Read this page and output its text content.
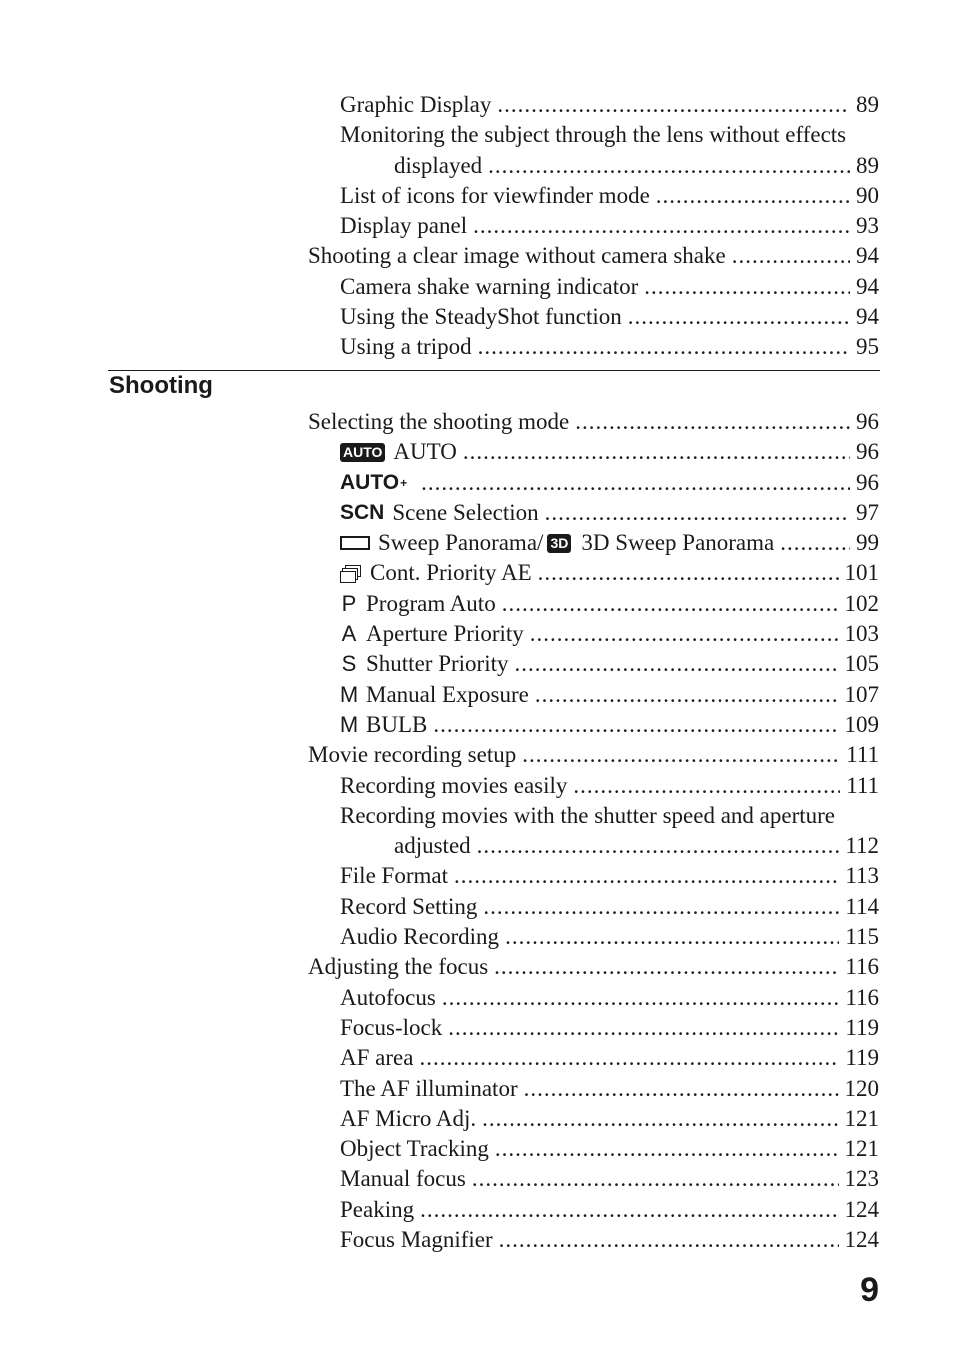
Graphic Display .....	89
Monitoring the subject through the lens without effects
displayed .....	89
List of icons for viewfinder mode .....	90
Display panel .....	93
Shooting a clear image without camera shake .....	94
Camera shake warning indicator .....	94
Using the SteadyShot function .....	94
Using a tripod .....	95
Shooting
Selecting the shooting mode .....	96
AUTO AUTO .....	96
AUTO + .....	96
SCN Scene Selection .....	97
Sweep Panorama/ 3D 3D Sweep Panorama .....	99
Cont. Priority AE .....	101
P Program Auto .....	102
A Aperture Priority .....	103
S Shutter Priority .....	105
M Manual Exposure .....	107
M BULB .....	109
Movie recording setup .....	111
Recording movies easily .....	111
Recording movies with the shutter speed and aperture
adjusted .....	112
File Format .....	113
Record Setting .....	114
Audio Recording .....	115
Adjusting the focus .....	116
Autofocus .....	116
Focus-lock .....	119
AF area .....	119
The AF illuminator .....	120
AF Micro Adj. .....	121
Object Tracking .....	121
Manual focus .....	123
Peaking .....	124
Focus Magnifier .....	124
9
